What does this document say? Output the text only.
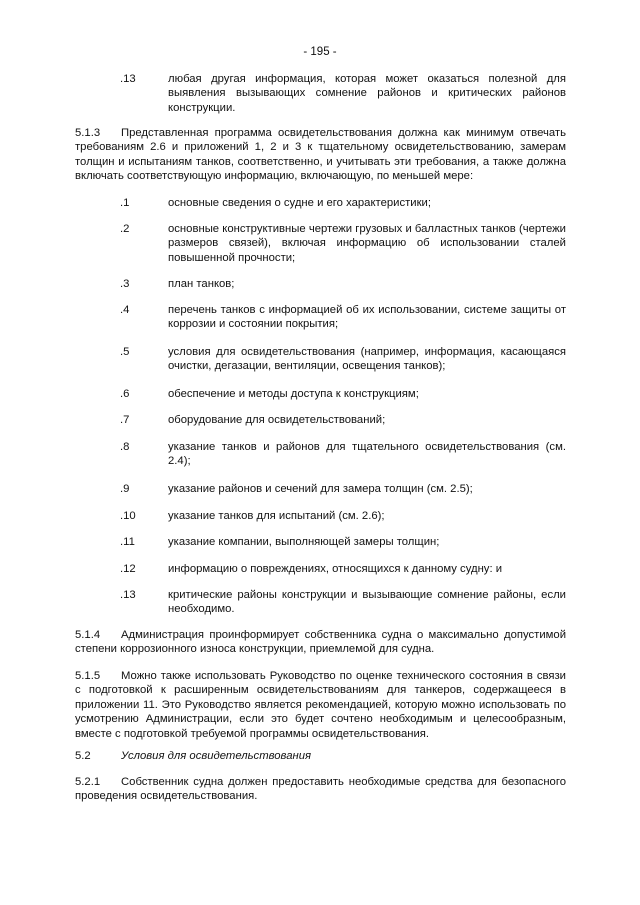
- 195 -
.13	любая другая информация, которая может оказаться полезной для выявления вызывающих сомнение районов и критических районов конструкции.
5.1.3 Представленная программа освидетельствования должна как минимум отвечать требованиям 2.6 и приложений 1, 2 и 3 к тщательному освидетельствованию, замерам толщин и испытаниям танков, соответственно, и учитывать эти требования, а также должна включать соответствующую информацию, включающую, по меньшей мере:
.1	основные сведения о судне и его характеристики;
.2	основные конструктивные чертежи грузовых и балластных танков (чертежи размеров связей), включая информацию об использовании сталей повышенной прочности;
.3	план танков;
.4	перечень танков с информацией об их использовании, системе защиты от коррозии и состоянии покрытия;
.5	условия для освидетельствования (например, информация, касающаяся очистки, дегазации, вентиляции, освещения танков);
.6	обеспечение и методы доступа к конструкциям;
.7	оборудование для освидетельствований;
.8	указание танков и районов для тщательного освидетельствования (см. 2.4);
.9	указание районов и сечений для замера толщин (см. 2.5);
.10	указание танков для испытаний (см. 2.6);
.11	указание компании, выполняющей замеры толщин;
.12	информацию о повреждениях, относящихся к данному судну: и
.13	критические районы конструкции и вызывающие сомнение районы, если необходимо.
5.1.4 Администрация проинформирует собственника судна о максимально допустимой степени коррозионного износа конструкции, приемлемой для судна.
5.1.5 Можно также использовать Руководство по оценке технического состояния в связи с подготовкой к расширенным освидетельствованиям для танкеров, содержащееся в приложении 11. Это Руководство является рекомендацией, которую можно использовать по усмотрению Администрации, если это будет сочтено необходимым и целесообразным, вместе с подготовкой требуемой программы освидетельствования.
5.2	Условия для освидетельствования
5.2.1 Собственник судна должен предоставить необходимые средства для безопасного проведения освидетельствования.
